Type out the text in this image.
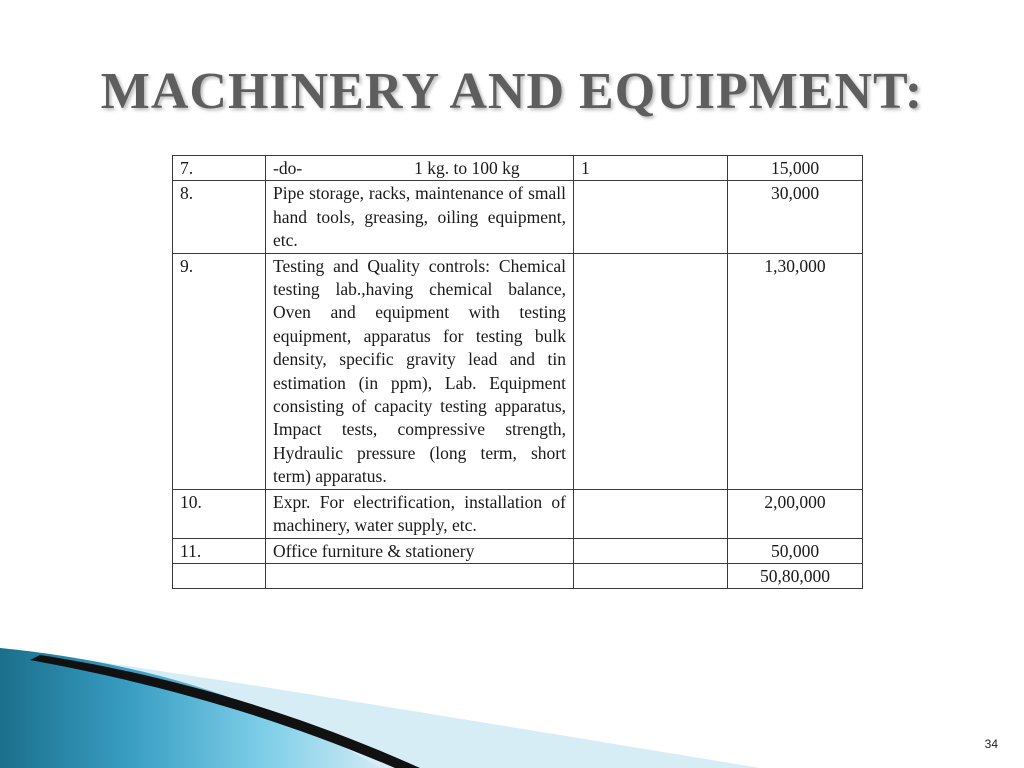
MACHINERY AND EQUIPMENT:
7.	-do- 1 kg. to 100 kg	1	15,000
8.	Pipe storage, racks, maintenance of small hand tools, greasing, oiling equipment, etc.		30,000
9.	Testing and Quality controls: Chemical testing lab.,having chemical balance, Oven and equipment with testing equipment, apparatus for testing bulk density, specific gravity lead and tin estimation (in ppm), Lab. Equipment consisting of capacity testing apparatus, Impact tests, compressive strength, Hydraulic pressure (long term, short term) apparatus.		1,30,000
10.	Expr. For electrification, installation of machinery, water supply, etc.		2,00,000
11.	Office furniture & stationery		50,000
			50,80,000
34
